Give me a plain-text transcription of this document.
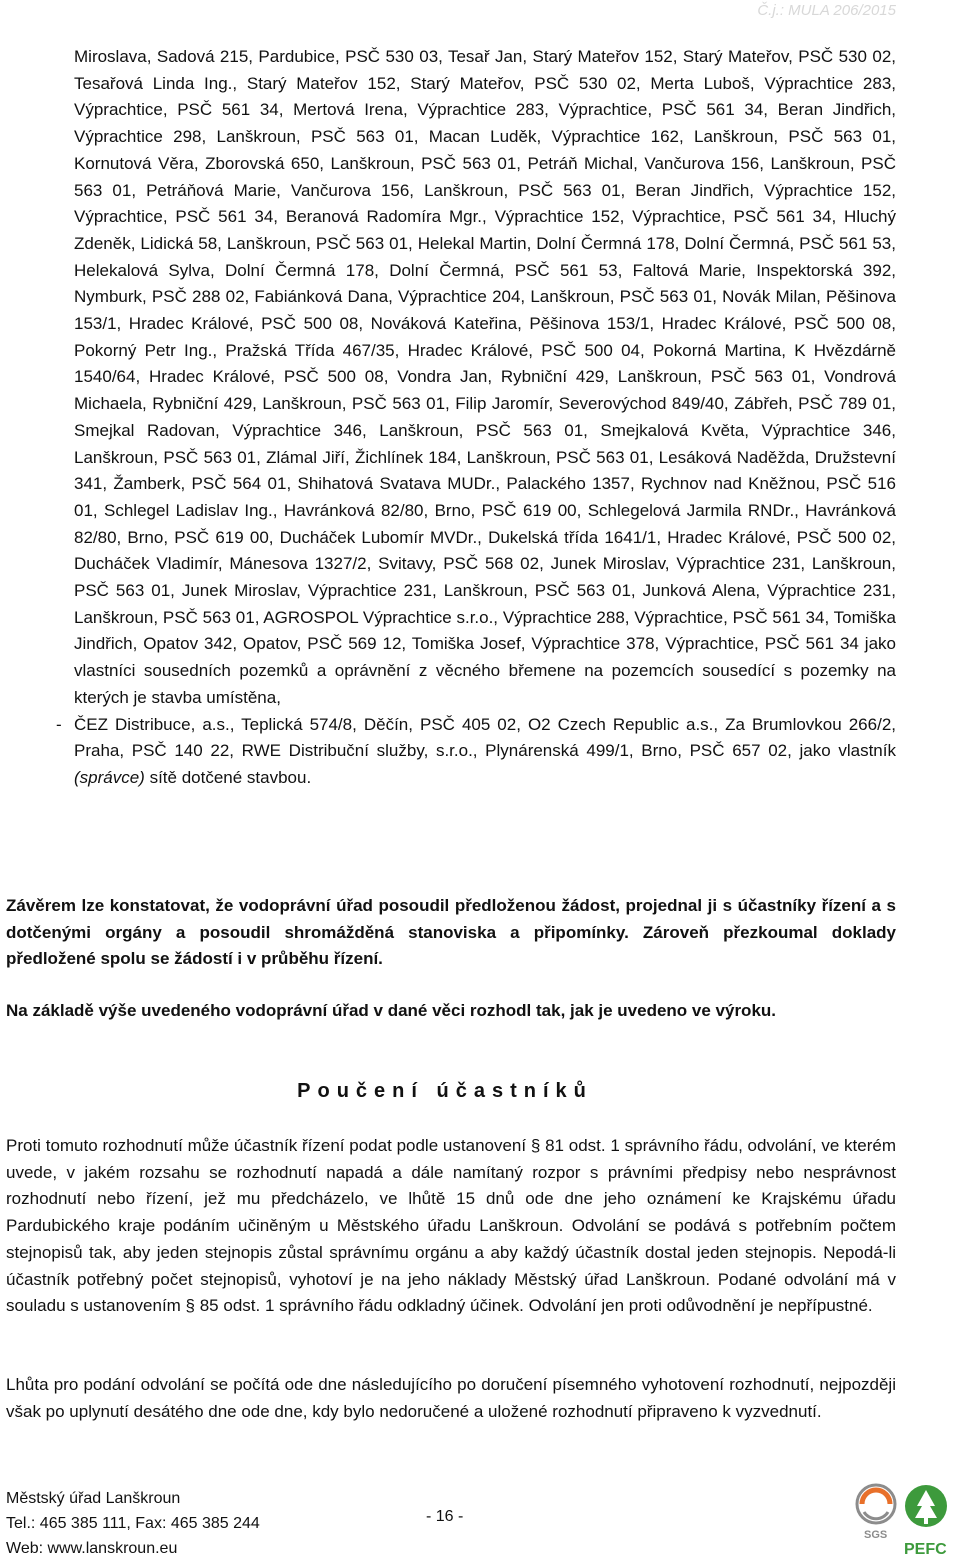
Č.j.: MULA 206/2015
Miroslava, Sadová 215, Pardubice, PSČ 530 03, Tesař Jan, Starý Mateřov 152, Starý Mateřov, PSČ 530 02, Tesařová Linda Ing., Starý Mateřov 152, Starý Mateřov, PSČ 530 02, Merta Luboš, Výprachtice 283, Výprachtice, PSČ 561 34, Mertová Irena, Výprachtice 283, Výprachtice, PSČ 561 34, Beran Jindřich, Výprachtice 298, Lanškroun, PSČ 563 01, Macan Luděk, Výprachtice 162, Lanškroun, PSČ 563 01, Kornutová Věra, Zborovská 650, Lanškroun, PSČ 563 01, Petráň Michal, Vančurova 156, Lanškroun, PSČ 563 01, Petráňová Marie, Vančurova 156, Lanškroun, PSČ 563 01, Beran Jindřich, Výprachtice 152, Výprachtice, PSČ 561 34, Beranová Radomíra Mgr., Výprachtice 152, Výprachtice, PSČ 561 34, Hluchý Zdeněk, Lidická 58, Lanškroun, PSČ 563 01, Helekal Martin, Dolní Čermná 178, Dolní Čermná, PSČ 561 53, Helekalová Sylva, Dolní Čermná 178, Dolní Čermná, PSČ 561 53, Faltová Marie, Inspektorská 392, Nymburk, PSČ 288 02, Fabiánková Dana, Výprachtice 204, Lanškroun, PSČ 563 01, Novák Milan, Pěšinova 153/1, Hradec Králové, PSČ 500 08, Nováková Kateřina, Pěšinova 153/1, Hradec Králové, PSČ 500 08, Pokorný Petr Ing., Pražská Třída 467/35, Hradec Králové, PSČ 500 04, Pokorná Martina, K Hvězdárně 1540/64, Hradec Králové, PSČ 500 08, Vondra Jan, Rybniční 429, Lanškroun, PSČ 563 01, Vondrová Michaela, Rybniční 429, Lanškroun, PSČ 563 01, Filip Jaromír, Severovýchod 849/40, Zábřeh, PSČ 789 01, Smejkal Radovan, Výprachtice 346, Lanškroun, PSČ 563 01, Smejkalová Květa, Výprachtice 346, Lanškroun, PSČ 563 01, Zlámal Jiří, Žichlínek 184, Lanškroun, PSČ 563 01, Lesáková Naděžda, Družstevní 341, Žamberk, PSČ 564 01, Shihatová Svatava MUDr., Palackého 1357, Rychnov nad Kněžnou, PSČ 516 01, Schlegel Ladislav Ing., Havránková 82/80, Brno, PSČ 619 00, Schlegelová Jarmila RNDr., Havránková 82/80, Brno, PSČ 619 00, Ducháček Lubomír MVDr., Dukelská třída 1641/1, Hradec Králové, PSČ 500 02, Ducháček Vladimír, Mánesova 1327/2, Svitavy, PSČ 568 02, Junek Miroslav, Výprachtice 231, Lanškroun, PSČ 563 01, Junek Miroslav, Výprachtice 231, Lanškroun, PSČ 563 01, Junková Alena, Výprachtice 231, Lanškroun, PSČ 563 01, AGROSPOL Výprachtice s.r.o., Výprachtice 288, Výprachtice, PSČ 561 34, Tomiška Jindřich, Opatov 342, Opatov, PSČ 569 12, Tomiška Josef, Výprachtice 378, Výprachtice, PSČ 561 34 jako vlastníci sousedních pozemků a oprávnění z věcného břemene na pozemcích sousedící s pozemky na kterých je stavba umístěna,
- ČEZ Distribuce, a.s., Teplická 574/8, Děčín, PSČ 405 02, O2 Czech Republic a.s., Za Brumlovkou 266/2, Praha, PSČ 140 22, RWE Distribuční služby, s.r.o., Plynárenská 499/1, Brno, PSČ 657 02, jako vlastník (správce) sítě dotčené stavbou.
Závěrem lze konstatovat, že vodoprávní úřad posoudil předloženou žádost, projednal ji s účastníky řízení a s dotčenými orgány a posoudil shromážděná stanoviska a připomínky. Zároveň přezkoumal doklady předložené spolu se žádostí i v průběhu řízení.
Na základě výše uvedeného vodoprávní úřad v dané věci rozhodl tak, jak je uvedeno ve výroku.
Poučení účastníků
Proti tomuto rozhodnutí může účastník řízení podat podle ustanovení § 81 odst. 1 správního řádu, odvolání, ve kterém uvede, v jakém rozsahu se rozhodnutí napadá a dále namítaný rozpor s právními předpisy nebo nesprávnost rozhodnutí nebo řízení, jež mu předcházelo, ve lhůtě 15 dnů ode dne jeho oznámení ke Krajskému úřadu Pardubického kraje podáním učiněným u Městského úřadu Lanškroun. Odvolání se podává s potřebním počtem stejnopisů tak, aby jeden stejnopis zůstal správnímu orgánu a aby každý účastník dostal jeden stejnopis. Nepodá-li účastník potřebný počet stejnopisů, vyhotoví je na jeho náklady Městský úřad Lanškroun. Podané odvolání má v souladu s ustanovením § 85 odst. 1 správního řádu odkladný účinek. Odvolání jen proti odůvodnění je nepřípustné.
Lhůta pro podání odvolání se počítá ode dne následujícího po doručení písemného vyhotovení rozhodnutí, nejpozději však po uplynutí desátého dne ode dne, kdy bylo nedoručené a uložené rozhodnutí připraveno k vyzvednutí.
Městský úřad Lanškroun
Tel.: 465 385 111, Fax: 465 385 244
Web: www.lanskroun.eu
- 16 -
SGS
PEFC
